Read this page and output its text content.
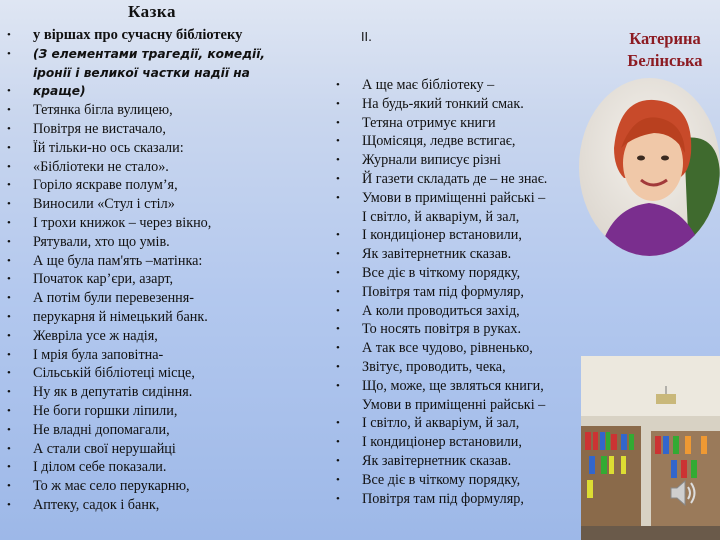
Казка
• у віршах про сучасну бібліотеку
• (З елементами трагедії, комедії,
іронії і великої частки надії на
• краще)
• Тетянка бігла вулицею,
• Повітря не вистачало,
• Їй тільки-но ось сказали:
• «Бібліотеки не стало».
• Горіло яскраве полум’я,
• Виносили «Стул і стіл»
• І трохи книжок – через вікно,
• Рятували, хто що умів.
• А ще була пам'ять –матінка:
• Початок кар’єри, азарт,
• А потім були перевезення-
• перукарня й німецький банк.
• Жевріла усе ж надія,
• І мрія була заповітна-
• Сільській бібліотеці місце,
• Ну як в депутатів сидіння.
• Не боги горшки ліпили,
• Не владні допомагали,
• А стали свої нерушайці
• І ділом себе показали.
• То ж має село перукарню,
• Аптеку, садок і банк,
ІІ.
• А ще має бібліотеку –
• На будь-який тонкий смак.
• Тетяна отримує книги
• Щомісяця, ледве встигає,
• Журнали виписує різні
• Й газети складать де – не знає.
• Умови в приміщенні райські –
І світло, й акваріум, й зал,
• І кондиціонер встановили,
• Як завітернетник сказав.
• Все діє в чіткому порядку,
• Повітря там під формуляр,
• А коли проводиться захід,
• То носять повітря в руках.
• А так все чудово, рівненько,
• Звітує, проводить, чека,
• Що, може, ще звляться книги,
Умови в приміщенні райські –
• І світло, й акваріум, й зал,
• І кондиціонер встановили,
• Як завітернетник сказав.
• Все діє в чіткому порядку,
• Повітря там під формуляр,
Катерина
Белінська
